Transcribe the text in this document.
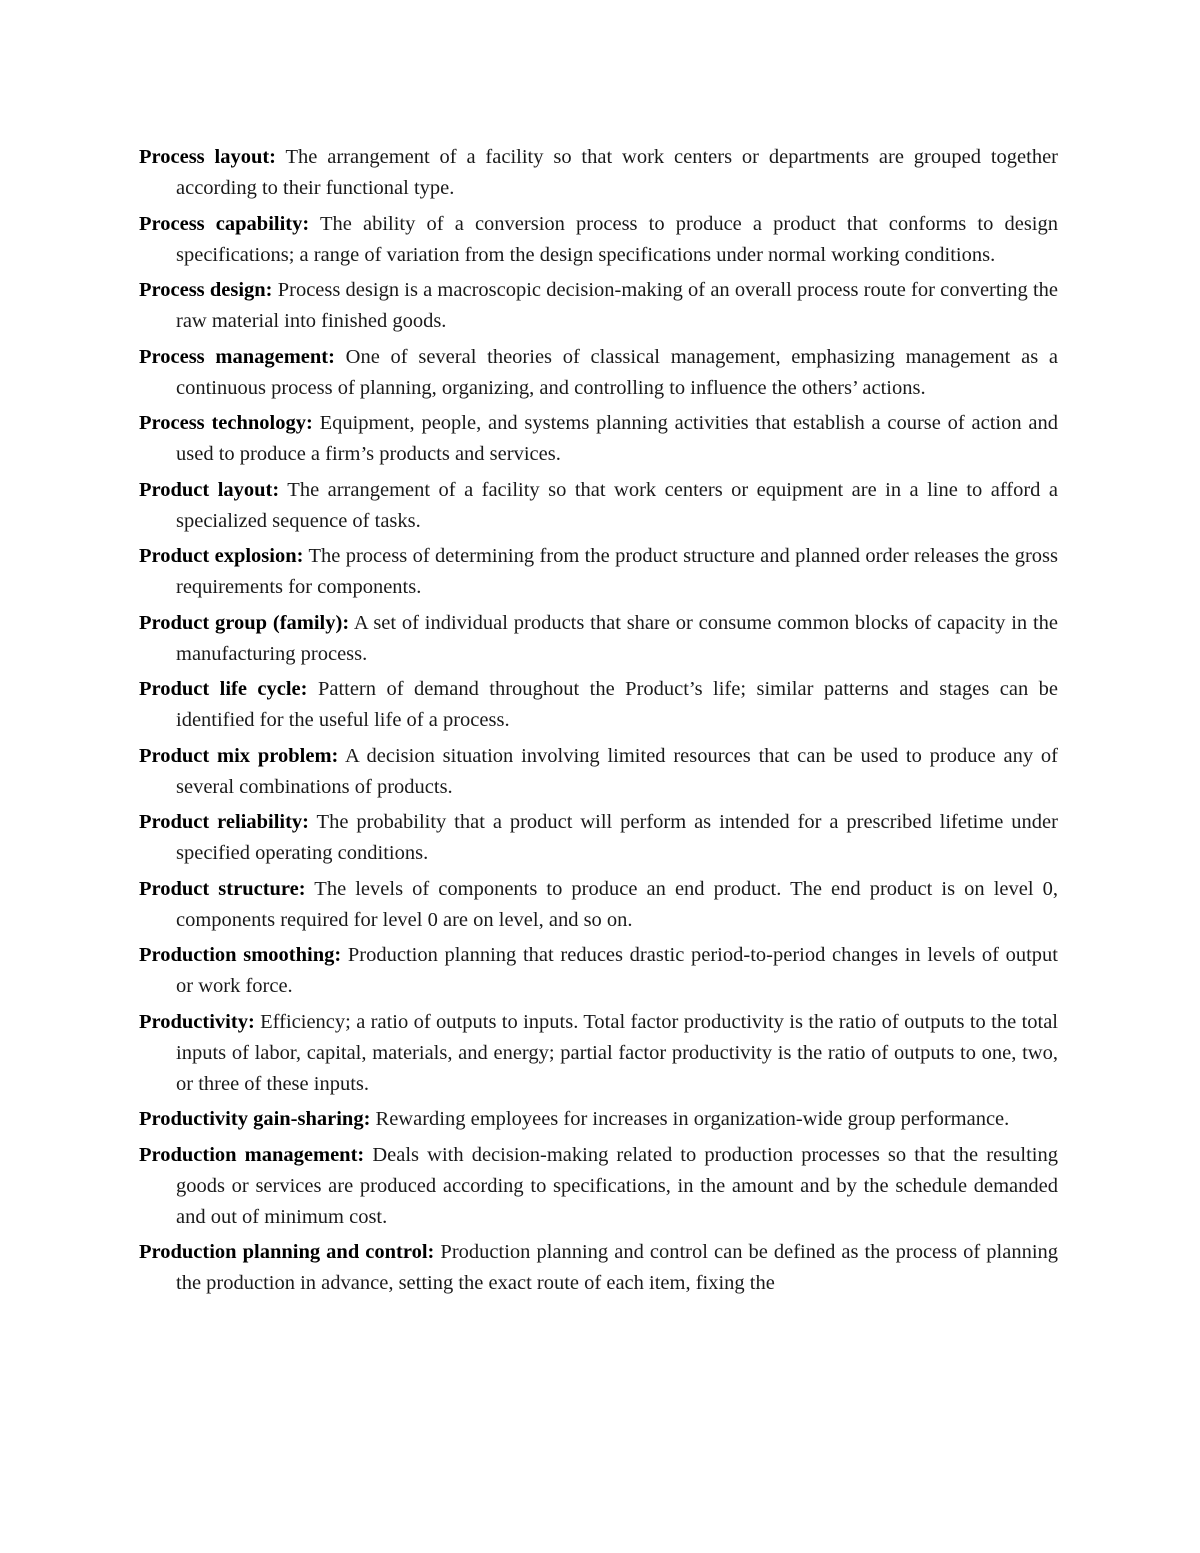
Process layout: The arrangement of a facility so that work centers or departments are grouped together according to their functional type.

Process capability: The ability of a conversion process to produce a product that conforms to design specifications; a range of variation from the design specifications under normal working conditions.

Process design: Process design is a macroscopic decision-making of an overall process route for converting the raw material into finished goods.

Process management: One of several theories of classical management, emphasizing management as a continuous process of planning, organizing, and controlling to influence the others’ actions.

Process technology: Equipment, people, and systems planning activities that establish a course of action and used to produce a firm’s products and services.

Product layout: The arrangement of a facility so that work centers or equipment are in a line to afford a specialized sequence of tasks.

Product explosion: The process of determining from the product structure and planned order releases the gross requirements for components.

Product group (family): A set of individual products that share or consume common blocks of capacity in the manufacturing process.

Product life cycle: Pattern of demand throughout the Product’s life; similar patterns and stages can be identified for the useful life of a process.

Product mix problem: A decision situation involving limited resources that can be used to produce any of several combinations of products.

Product reliability: The probability that a product will perform as intended for a prescribed lifetime under specified operating conditions.

Product structure: The levels of components to produce an end product. The end product is on level 0, components required for level 0 are on level, and so on.

Production smoothing: Production planning that reduces drastic period-to-period changes in levels of output or work force.

Productivity: Efficiency; a ratio of outputs to inputs. Total factor productivity is the ratio of outputs to the total inputs of labor, capital, materials, and energy; partial factor productivity is the ratio of outputs to one, two, or three of these inputs.

Productivity gain-sharing: Rewarding employees for increases in organization-wide group performance.

Production management: Deals with decision-making related to production processes so that the resulting goods or services are produced according to specifications, in the amount and by the schedule demanded and out of minimum cost.

Production planning and control: Production planning and control can be defined as the process of planning the production in advance, setting the exact route of each item, fixing the
